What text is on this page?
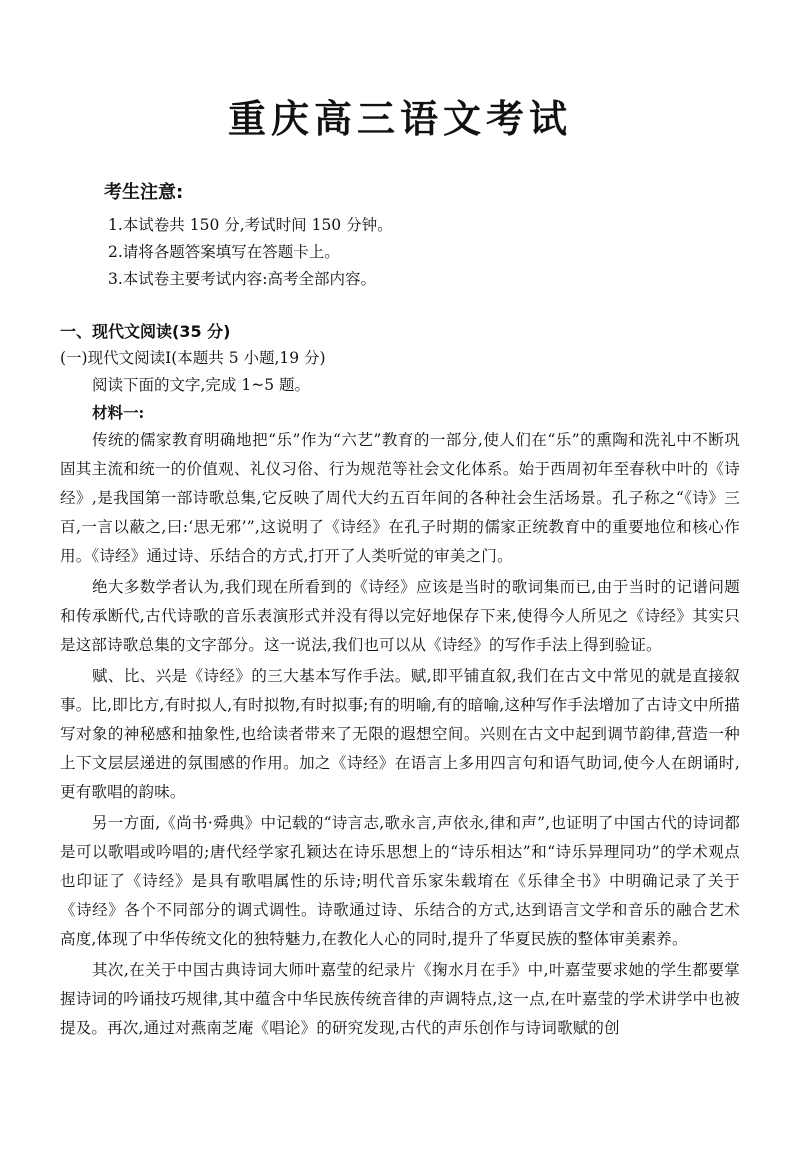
重庆高三语文考试
考生注意:
1.本试卷共 150 分,考试时间 150 分钟。
2.请将各题答案填写在答题卡上。
3.本试卷主要考试内容:高考全部内容。
一、现代文阅读(35 分)
(一)现代文阅读Ⅰ(本题共 5 小题,19 分)
阅读下面的文字,完成 1~5 题。
材料一:

传统的儒家教育明确地把“乐”作为“六艺”教育的一部分,使人们在“乐”的熏陶和洗礼中不断巩固其主流和统一的价值观、礼仪习俗、行为规范等社会文化体系。始于西周初年至春秋中叶的《诗经》,是我国第一部诗歌总集,它反映了周代大约五百年间的各种社会生活场景。孔子称之“《诗》三百,一言以蔽之,曰:‘思无邪’”,这说明了《诗经》在孔子时期的儒家正统教育中的重要地位和核心作用。《诗经》通过诗、乐结合的方式,打开了人类听觉的审美之门。

绝大多数学者认为,我们现在所看到的《诗经》应该是当时的歌词集而已,由于当时的记谱问题和传承断代,古代诗歌的音乐表演形式并没有得以完好地保存下来,使得今人所见之《诗经》其实只是这部诗歌总集的文字部分。这一说法,我们也可以从《诗经》的写作手法上得到验证。

赋、比、兴是《诗经》的三大基本写作手法。赋,即平铺直叙,我们在古文中常见的就是直接叙事。比,即比方,有时拟人,有时拟物,有时拟事;有的明喻,有的暗喻,这种写作手法增加了古诗文中所描写对象的神秘感和抽象性,也给读者带来了无限的遐想空间。兴则在古文中起到调节韵律,营造一种上下文层层递进的氛围感的作用。加之《诗经》在语言上多用四言句和语气助词,使今人在朗诵时,更有歌唱的韵味。

另一方面,《尚书·舜典》中记载的“诗言志,歌永言,声依永,律和声”,也证明了中国古代的诗词都是可以歌唱或吟唱的;唐代经学家孔颖达在诗乐思想上的“诗乐相达”和“诗乐异理同功”的学术观点也印证了《诗经》是具有歌唱属性的乐诗;明代音乐家朱载堉在《乐律全书》中明确记录了关于《诗经》各个不同部分的调式调性。诗歌通过诗、乐结合的方式,达到语言文学和音乐的融合艺术高度,体现了中华传统文化的独特魅力,在教化人心的同时,提升了华夏民族的整体审美素养。

其次,在关于中国古典诗词大师叶嘉莹的纪录片《掬水月在手》中,叶嘉莹要求她的学生都要掌握诗词的吟诵技巧规律,其中蕴含中华民族传统音律的声调特点,这一点,在叶嘉莹的学术讲学中也被提及。再次,通过对燕南芝庵《唱论》的研究发现,古代的声乐创作与诗词歌赋的创
